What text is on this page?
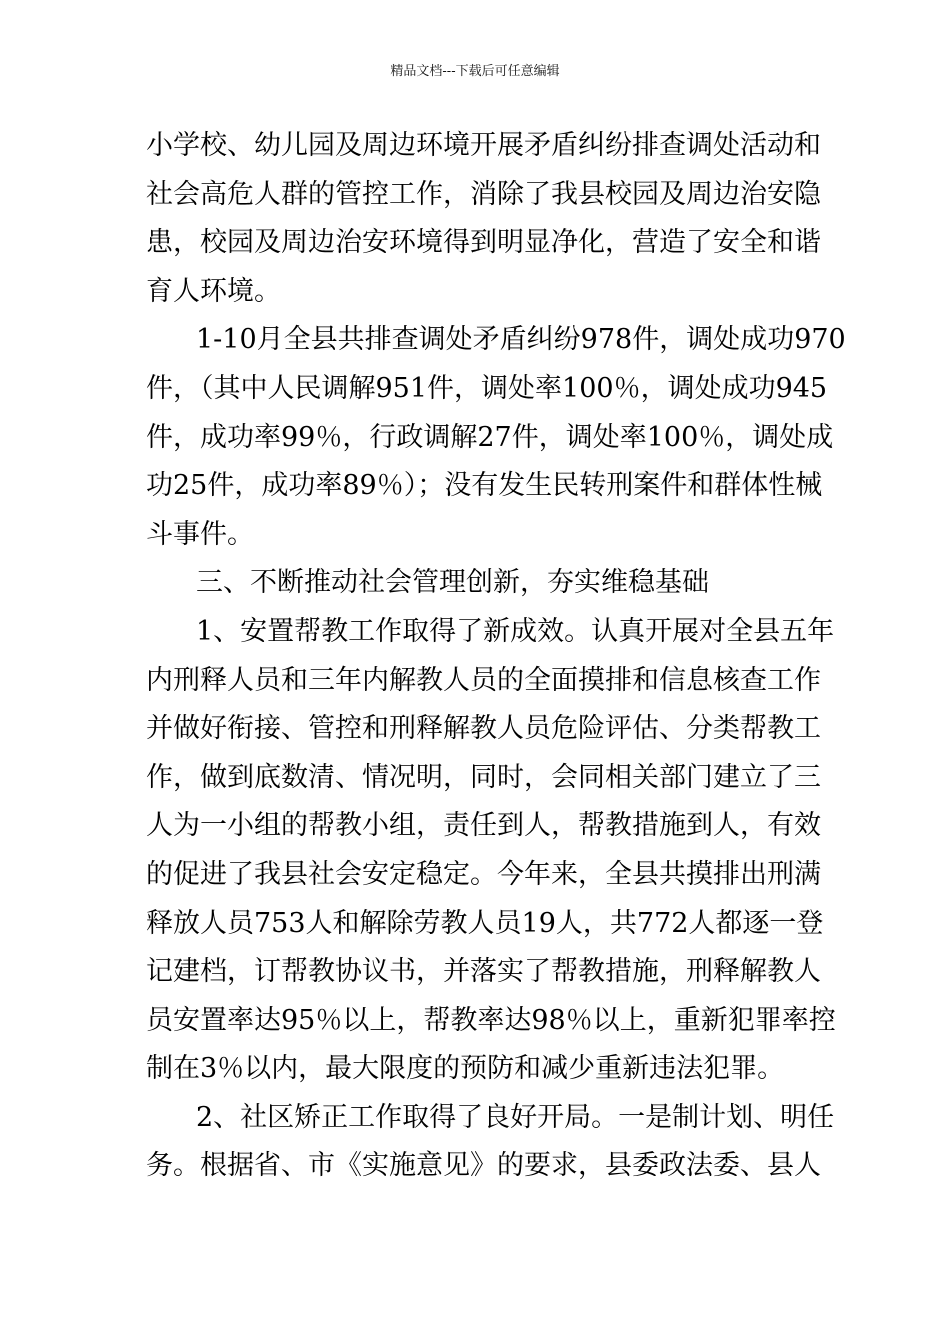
精品文档---下载后可任意编辑
小学校、幼儿园及周边环境开展矛盾纠纷排查调处活动和
社会高危人群的管控工作，消除了我县校园及周边治安隐
患，校园及周边治安环境得到明显净化，营造了安全和谐
育人环境。
1-10月全县共排查调处矛盾纠纷978件，调处成功970
件，（其中人民调解951件，调处率100％，调处成功945
件，成功率99％，行政调解27件，调处率100％，调处成
功25件，成功率89％）；没有发生民转刑案件和群体性械
斗事件。
三、不断推动社会管理创新，夯实维稳基础
1、安置帮教工作取得了新成效。认真开展对全县五年
内刑释人员和三年内解教人员的全面摸排和信息核查工作
并做好衔接、管控和刑释解教人员危险评估、分类帮教工
作，做到底数清、情况明，同时，会同相关部门建立了三
人为一小组的帮教小组，责任到人，帮教措施到人，有效
的促进了我县社会安定稳定。今年来，全县共摸排出刑满
释放人员753人和解除劳教人员19人，共772人都逐一登
记建档，订帮教协议书，并落实了帮教措施，刑释解教人
员安置率达95％以上，帮教率达98％以上，重新犯罪率控
制在3％以内，最大限度的预防和减少重新违法犯罪。
2、社区矫正工作取得了良好开局。一是制计划、明任
务。根据省、市《实施意见》的要求，县委政法委、县人
